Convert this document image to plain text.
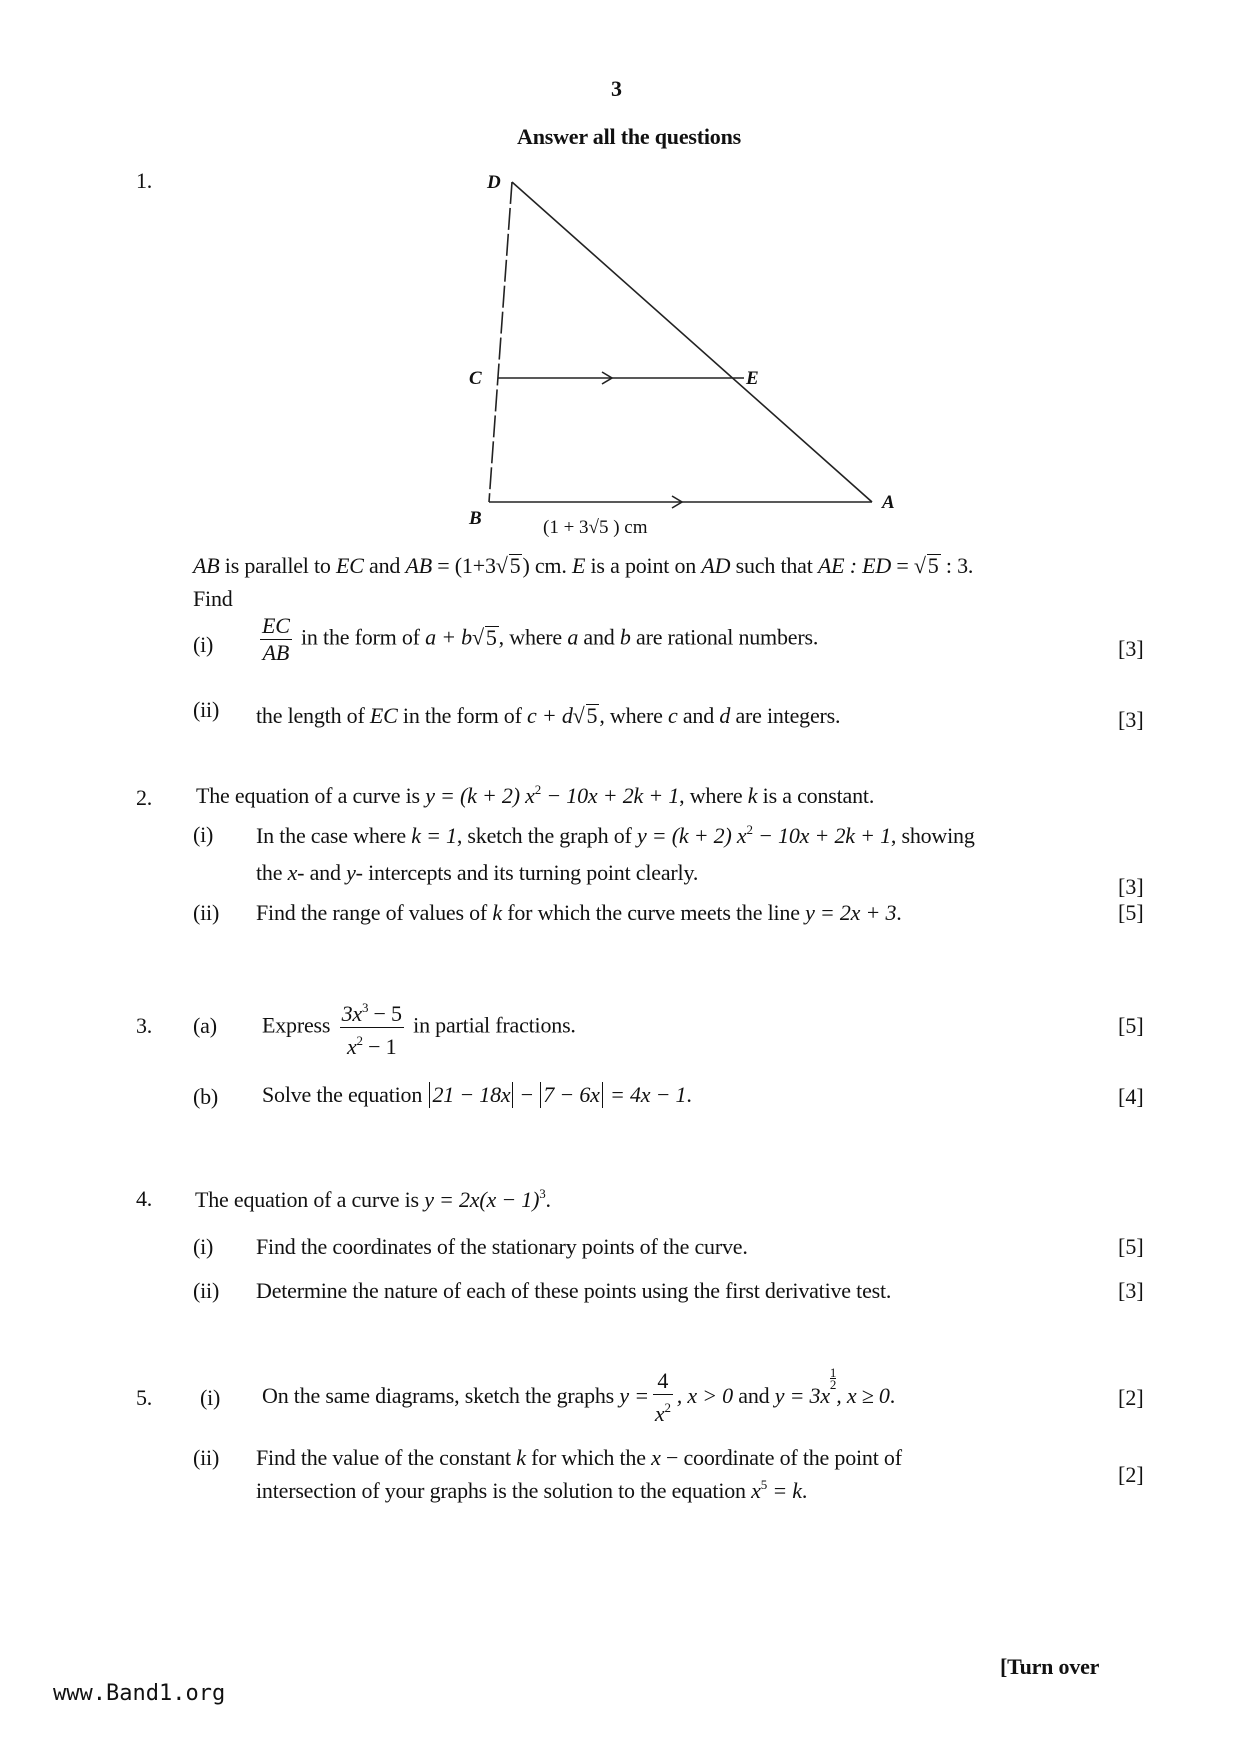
3
Answer all the questions
1.	D
C	E
B
A
(1 + 3√5 ) cm
AB is parallel to EC and AB = (1+3√5) cm. E is a point on AD such that AE : ED = √5 : 3.
Find
$(i) \frac{EC}{AB}$ in the form of a + b√5, where a and b are rational numbers.	[3]
(ii) the length of EC in the form of c + d√5, where c and d are integers.	[3]
2. The equation of a curve is y = (k + 2) $x^2 - 10x + 2k + 1$, where k is a constant.
(i) In the case where k = 1, sketch the graph of y = (k + 2) $x^2 - 10x + 2k + 1$, showing
the x- and y- intercepts and its turning point clearly.
[3]
(ii) Find the range of values of k for which the curve meets the line y = 2x + 3.	[5]
3. (a) Express $\frac{3x^3 - 5}{x^2 - 1}$ in partial fractions.	[5]
(b) Solve the equation 21 − 18x − 7 − 6x = 4x − 1.	[4]
4. The equation of a curve is $y = 2x(x - 1)^3$.
(i) Find the coordinates of the stationary points of the curve.	[5]
(ii) Determine the nature of each of these points using the first derivative test.	[3]
5. (i) On the same diagrams, sketch the graphs $y = \frac{4}{x^2}$ , x > 0 and y = 3x
$^{\frac{1}{2}}$
, x ≥ 0.	[2]
(ii) Find the value of the constant k for which the x − coordinate of the point of
intersection of your graphs is the solution to the equation $x^5 = k$.
[2]
[Turn over
www.Band1.org
